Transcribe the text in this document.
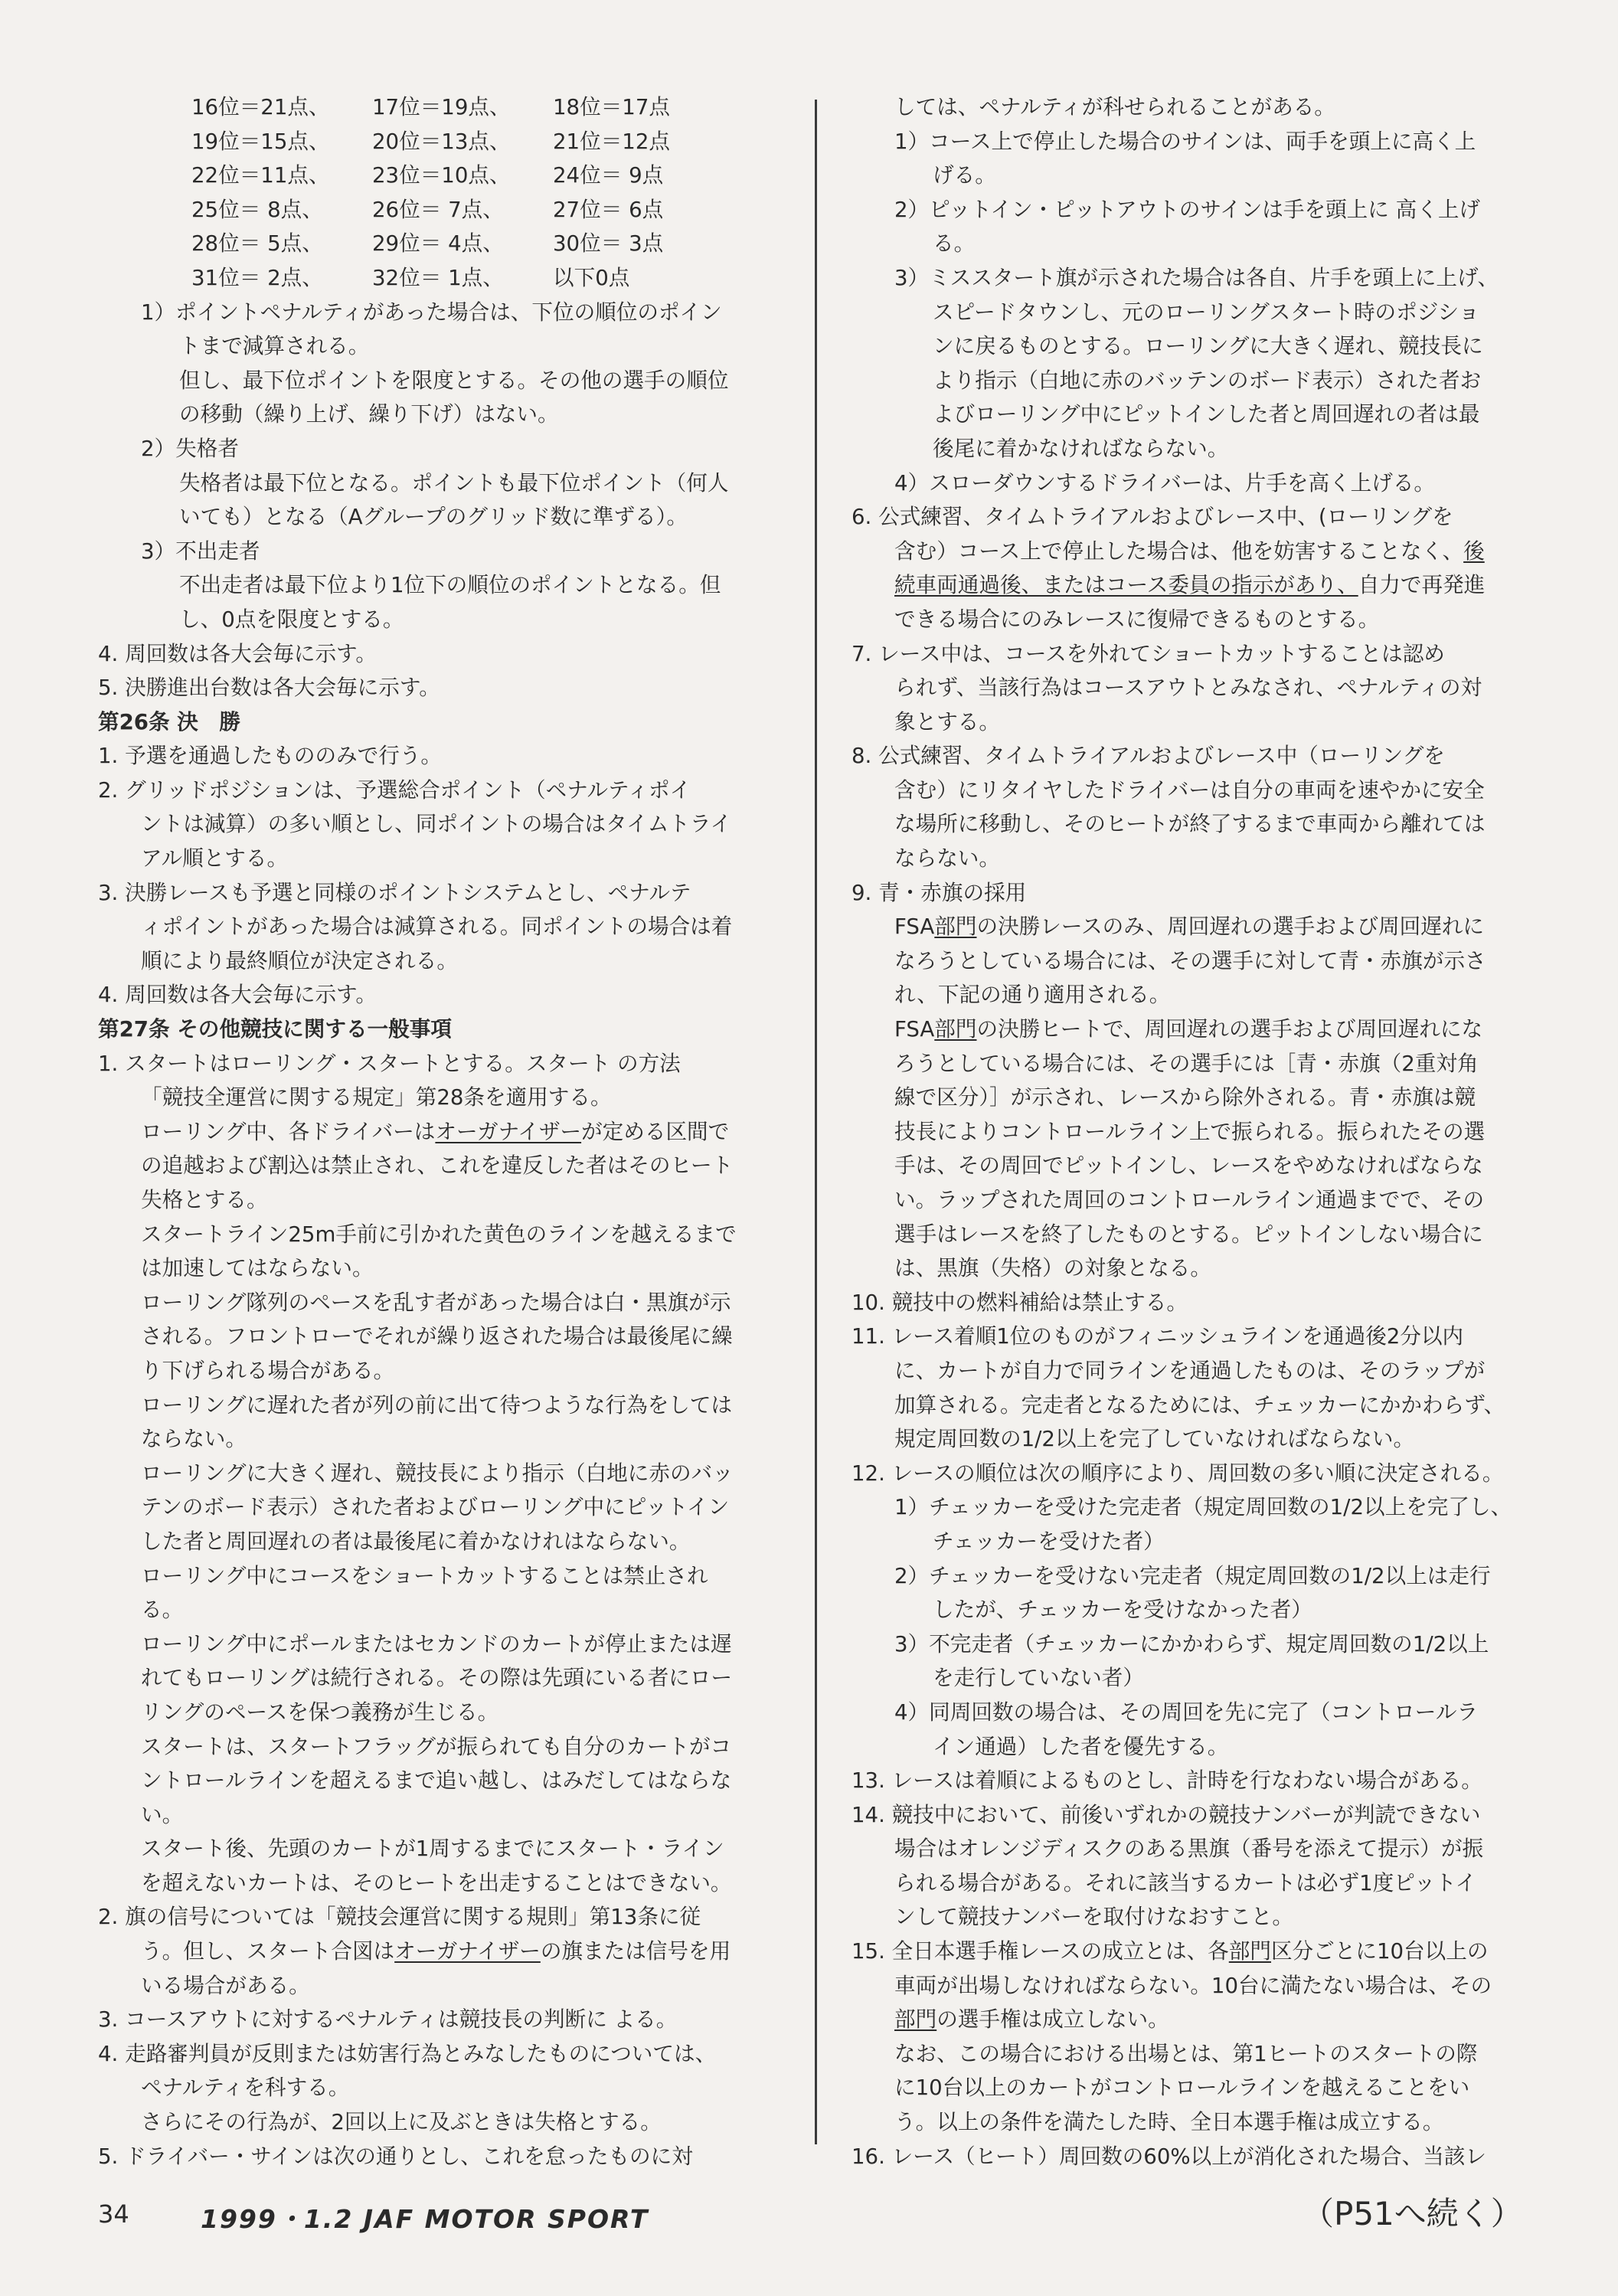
16位＝21点、	17位＝19点、	18位＝17点
19位＝15点、	20位＝13点、	21位＝12点
22位＝11点、	23位＝10点、	24位＝ 9点
25位＝ 8点、	26位＝ 7点、	27位＝ 6点
28位＝ 5点、	29位＝ 4点、	30位＝ 3点
31位＝ 2点、	32位＝ 1点、	以下0点
1）ポイントペナルティがあった場合は、下位の順位のポイン
トまで減算される。
但し、最下位ポイントを限度とする。その他の選手の順位
の移動（繰り上げ、繰り下げ）はない。
2）失格者
失格者は最下位となる。ポイントも最下位ポイント（何人
いても）となる（Aグループのグリッド数に準ずる）。
3）不出走者
不出走者は最下位より1位下の順位のポイントとなる。但
し、0点を限度とする。
4. 周回数は各大会毎に示す。
5. 決勝進出台数は各大会毎に示す。
第26条 決　勝
1. 予選を通過したもののみで行う。
2. グリッドポジションは、予選総合ポイント（ペナルティポイ
ントは減算）の多い順とし、同ポイントの場合はタイムトライ
アル順とする。
3. 決勝レースも予選と同様のポイントシステムとし、ペナルテ
ィポイントがあった場合は減算される。同ポイントの場合は着
順により最終順位が決定される。
4. 周回数は各大会毎に示す。
第27条 その他競技に関する一般事項
1. スタートはローリング・スタートとする。スタート の方法
「競技全運営に関する規定」第28条を適用する。
ローリング中、各ドライバーはオーガナイザーが定める区間で
の追越および割込は禁止され、これを違反した者はそのヒート
失格とする。
スタートライン25m手前に引かれた黄色のラインを越えるまで
は加速してはならない。
ローリング隊列のペースを乱す者があった場合は白・黒旗が示
される。フロントローでそれが繰り返された場合は最後尾に繰
り下げられる場合がある。
ローリングに遅れた者が列の前に出て待つような行為をしては
ならない。
ローリングに大きく遅れ、競技長により指示（白地に赤のバッ
テンのボード表示）された者およびローリング中にピットイン
した者と周回遅れの者は最後尾に着かなけれはならない。
ローリング中にコースをショートカットすることは禁止され
る。
ローリング中にポールまたはセカンドのカートが停止または遅
れてもローリングは続行される。その際は先頭にいる者にロー
リングのペースを保つ義務が生じる。
スタートは、スタートフラッグが振られても自分のカートがコ
ントロールラインを超えるまで追い越し、はみだしてはならな
い。
スタート後、先頭のカートが1周するまでにスタート・ライン
を超えないカートは、そのヒートを出走することはできない。
2. 旗の信号については「競技会運営に関する規則」第13条に従
う。但し、スタート合図はオーガナイザーの旗または信号を用
いる場合がある。
3. コースアウトに対するペナルティは競技長の判断に よる。
4. 走路審判員が反則または妨害行為とみなしたものについては、
ペナルティを科する。
さらにその行為が、2回以上に及ぶときは失格とする。
5. ドライバー・サインは次の通りとし、これを怠ったものに対
しては、ペナルティが科せられることがある。
1）コース上で停止した場合のサインは、両手を頭上に高く上
げる。
2）ピットイン・ピットアウトのサインは手を頭上に 高く上げ
る。
3）ミススタート旗が示された場合は各自、片手を頭上に上げ、
スピードタウンし、元のローリングスタート時のポジショ
ンに戻るものとする。ローリングに大きく遅れ、競技長に
より指示（白地に赤のバッテンのボード表示）された者お
よびローリング中にピットインした者と周回遅れの者は最
後尾に着かなければならない。
4）スローダウンするドライバーは、片手を高く上げる。
6. 公式練習、タイムトライアルおよびレース中、(ローリングを
含む）コース上で停止した場合は、他を妨害することなく、後
続車両通過後、またはコース委員の指示があり、自力で再発進
できる場合にのみレースに復帰できるものとする。
7. レース中は、コースを外れてショートカットすることは認め
られず、当該行為はコースアウトとみなされ、ペナルティの対
象とする。
8. 公式練習、タイムトライアルおよびレース中（ローリングを
含む）にリタイヤしたドライバーは自分の車両を速やかに安全
な場所に移動し、そのヒートが終了するまで車両から離れては
ならない。
9. 青・赤旗の採用
FSA部門の決勝レースのみ、周回遅れの選手および周回遅れに
なろうとしている場合には、その選手に対して青・赤旗が示さ
れ、下記の通り適用される。
FSA部門の決勝ヒートで、周回遅れの選手および周回遅れにな
ろうとしている場合には、その選手には［青・赤旗（2重対角
線で区分）］が示され、レースから除外される。青・赤旗は競
技長によりコントロールライン上で振られる。振られたその選
手は、その周回でピットインし、レースをやめなければならな
い。ラップされた周回のコントロールライン通過までで、その
選手はレースを終了したものとする。ピットインしない場合に
は、黒旗（失格）の対象となる。
10. 競技中の燃料補給は禁止する。
11. レース着順1位のものがフィニッシュラインを通過後2分以内
に、カートが自力で同ラインを通過したものは、そのラップが
加算される。完走者となるためには、チェッカーにかかわらず、
規定周回数の1/2以上を完了していなければならない。
12. レースの順位は次の順序により、周回数の多い順に決定される。
1）チェッカーを受けた完走者（規定周回数の1/2以上を完了し、
チェッカーを受けた者）
2）チェッカーを受けない完走者（規定周回数の1/2以上は走行
したが、チェッカーを受けなかった者）
3）不完走者（チェッカーにかかわらず、規定周回数の1/2以上
を走行していない者）
4）同周回数の場合は、その周回を先に完了（コントロールラ
イン通過）した者を優先する。
13. レースは着順によるものとし、計時を行なわない場合がある。
14. 競技中において、前後いずれかの競技ナンバーが判読できない
場合はオレンジディスクのある黒旗（番号を添えて提示）が振
られる場合がある。それに該当するカートは必ず1度ピットイ
ンして競技ナンバーを取付けなおすこと。
15. 全日本選手権レースの成立とは、各部門区分ごとに10台以上の
車両が出場しなければならない。10台に満たない場合は、その
部門の選手権は成立しない。
なお、この場合における出場とは、第1ヒートのスタートの際
に10台以上のカートがコントロールラインを越えることをい
う。以上の条件を満たした時、全日本選手権は成立する。
16. レース（ヒート）周回数の60%以上が消化された場合、当該レ
34	1999・1.2 JAF MOTOR SPORT	（P51へ続く）
